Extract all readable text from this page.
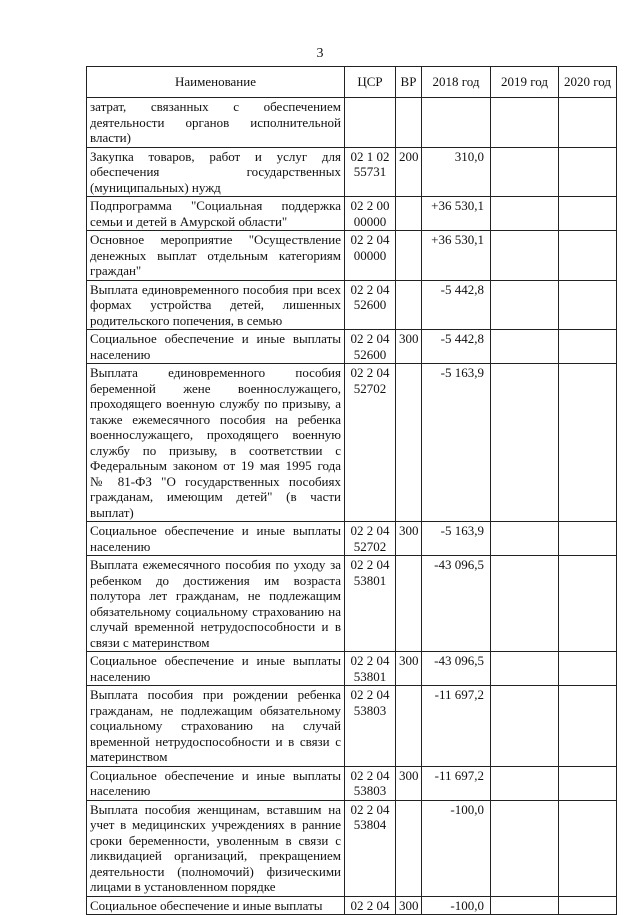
3
Наименование	ЦСР	ВР	2018 год	2019 год	2020 год
затрат, связанных с обеспечением деятельности органов исполнительной власти)					
Закупка товаров, работ и услуг для обеспечения государственных (муниципальных) нужд	02 1 02 55731	200	310,0		
Подпрограмма "Социальная поддержка семьи и детей в Амурской области"	02 2 00 00000		+36 530,1		
Основное мероприятие "Осуществление денежных выплат отдельным категориям граждан"	02 2 04 00000		+36 530,1		
Выплата единовременного пособия при всех формах устройства детей, лишенных родительского попечения, в семью	02 2 04 52600		-5 442,8		
Социальное обеспечение и иные выплаты населению	02 2 04 52600	300	-5 442,8		
Выплата единовременного пособия беременной жене военнослужащего, проходящего военную службу по призыву, а также ежемесячного пособия на ребенка военнослужащего, проходящего военную службу по призыву, в соответствии с Федеральным законом от 19 мая 1995 года № 81-ФЗ "О государственных пособиях гражданам, имеющим детей" (в части выплат)	02 2 04 52702		-5 163,9		
Социальное обеспечение и иные выплаты населению	02 2 04 52702	300	-5 163,9		
Выплата ежемесячного пособия по уходу за ребенком до достижения им возраста полутора лет гражданам, не подлежащим обязательному социальному страхованию на случай временной нетрудоспособности и в связи с материнством	02 2 04 53801		-43 096,5		
Социальное обеспечение и иные выплаты населению	02 2 04 53801	300	-43 096,5		
Выплата пособия при рождении ребенка гражданам, не подлежащим обязательному социальному страхованию на случай временной нетрудоспособности и в связи с материнством	02 2 04 53803		-11 697,2		
Социальное обеспечение и иные выплаты населению	02 2 04 53803	300	-11 697,2		
Выплата пособия женщинам, вставшим на учет в медицинских учреждениях в ранние сроки беременности, уволенным в связи с ликвидацией организаций, прекращением деятельности (полномочий) физическими лицами в установленном порядке	02 2 04 53804		-100,0		
Социальное обеспечение и иные выплаты	02 2 04	300	-100,0		
